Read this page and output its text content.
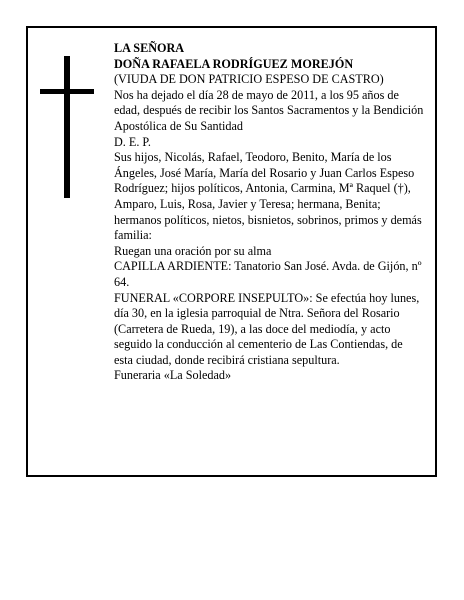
LA SEÑORA

DOÑA RAFAELA RODRÍGUEZ MOREJÓN

(VIUDA DE DON PATRICIO ESPESO DE CASTRO)

Nos ha dejado el día 28 de mayo de 2011, a los 95 años de edad, después de recibir los Santos Sacramentos y la Bendición Apostólica de Su Santidad

D. E. P.

Sus hijos, Nicolás, Rafael, Teodoro, Benito, María de los Ángeles, José María, María del Rosario y Juan Carlos Espeso Rodríguez; hijos políticos, Antonia, Carmina, Mª Raquel (†), Amparo, Luis, Rosa, Javier y Teresa; hermana, Benita; hermanos políticos, nietos, bisnietos, sobrinos, primos y demás familia:

Ruegan una oración por su alma

CAPILLA ARDIENTE: Tanatorio San José. Avda. de Gijón, nº 64.

FUNERAL «CORPORE INSEPULTO»: Se efectúa hoy lunes, día 30, en la iglesia parroquial de Ntra. Señora del Rosario (Carretera de Rueda, 19), a las doce del mediodía, y acto seguido la conducción al cementerio de Las Contiendas, de esta ciudad, donde recibirá cristiana sepultura.

Funeraria «La Soledad»
